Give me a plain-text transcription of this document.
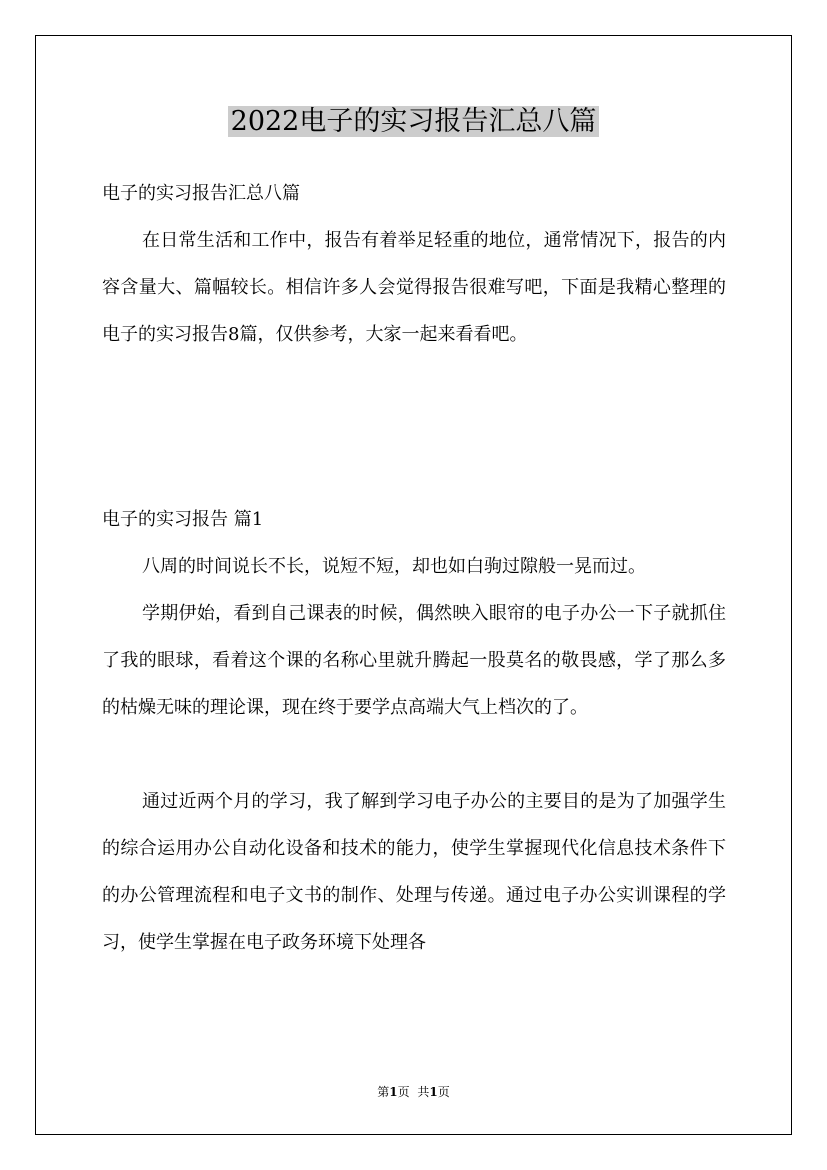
2022电子的实习报告汇总八篇

电子的实习报告汇总八篇

在日常生活和工作中，报告有着举足轻重的地位，通常情况下，报告的内容含量大、篇幅较长。相信许多人会觉得报告很难写吧，下面是我精心整理的电子的实习报告8篇，仅供参考，大家一起来看看吧。

电子的实习报告 篇1

八周的时间说长不长，说短不短，却也如白驹过隙般一晃而过。

学期伊始，看到自己课表的时候，偶然映入眼帘的电子办公一下子就抓住了我的眼球，看着这个课的名称心里就升腾起一股莫名的敬畏感，学了那么多的枯燥无味的理论课，现在终于要学点高端大气上档次的了。

通过近两个月的学习，我了解到学习电子办公的主要目的是为了加强学生的综合运用办公自动化设备和技术的能力，使学生掌握现代化信息技术条件下的办公管理流程和电子文书的制作、处理与传递。通过电子办公实训课程的学习，使学生掌握在电子政务环境下处理各

第1页 共1页
